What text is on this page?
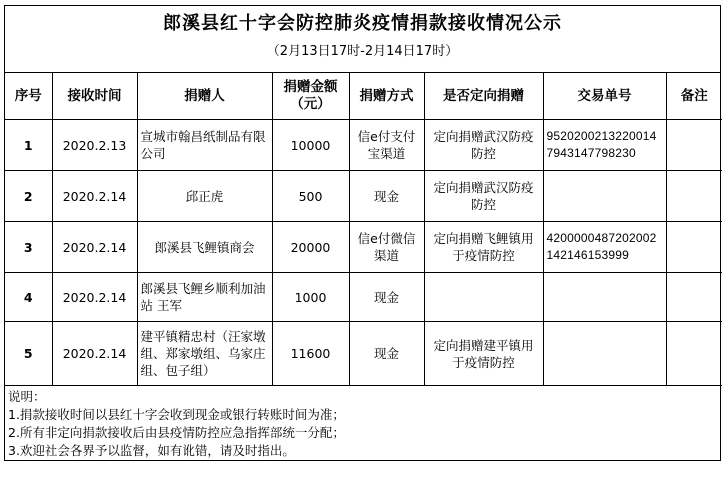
郎溪县红十字会防控肺炎疫情捐款接收情况公示
（2月13日17时-2月14日17时）
序号	接收时间	捐赠人	捐赠金额（元）	捐赠方式	是否定向捐赠	交易单号	备注
1	2020.2.13	宣城市翰昌纸制品有限公司	10000	信e付支付宝渠道	定向捐赠武汉防疫防控	95202002132200147943147798230	
2	2020.2.14	邱正虎	500	现金	定向捐赠武汉防疫防控		
3	2020.2.14	郎溪县飞鲤镇商会	20000	信e付微信渠道	定向捐赠飞鲤镇用于疫情防控	4200000487202002142146153999	
4	2020.2.14	郎溪县飞鲤乡顺利加油站 王军	1000	现金			
5	2020.2.14	建平镇精忠村（汪家墩组、郑家墩组、乌家庄组、包子组）	11600	现金	定向捐赠建平镇用于疫情防控		
说明：
1.捐款接收时间以县红十字会收到现金或银行转账时间为准；
2.所有非定向捐款接收后由县疫情防控应急指挥部统一分配；
3.欢迎社会各界予以监督，如有讹错，请及时指出。
